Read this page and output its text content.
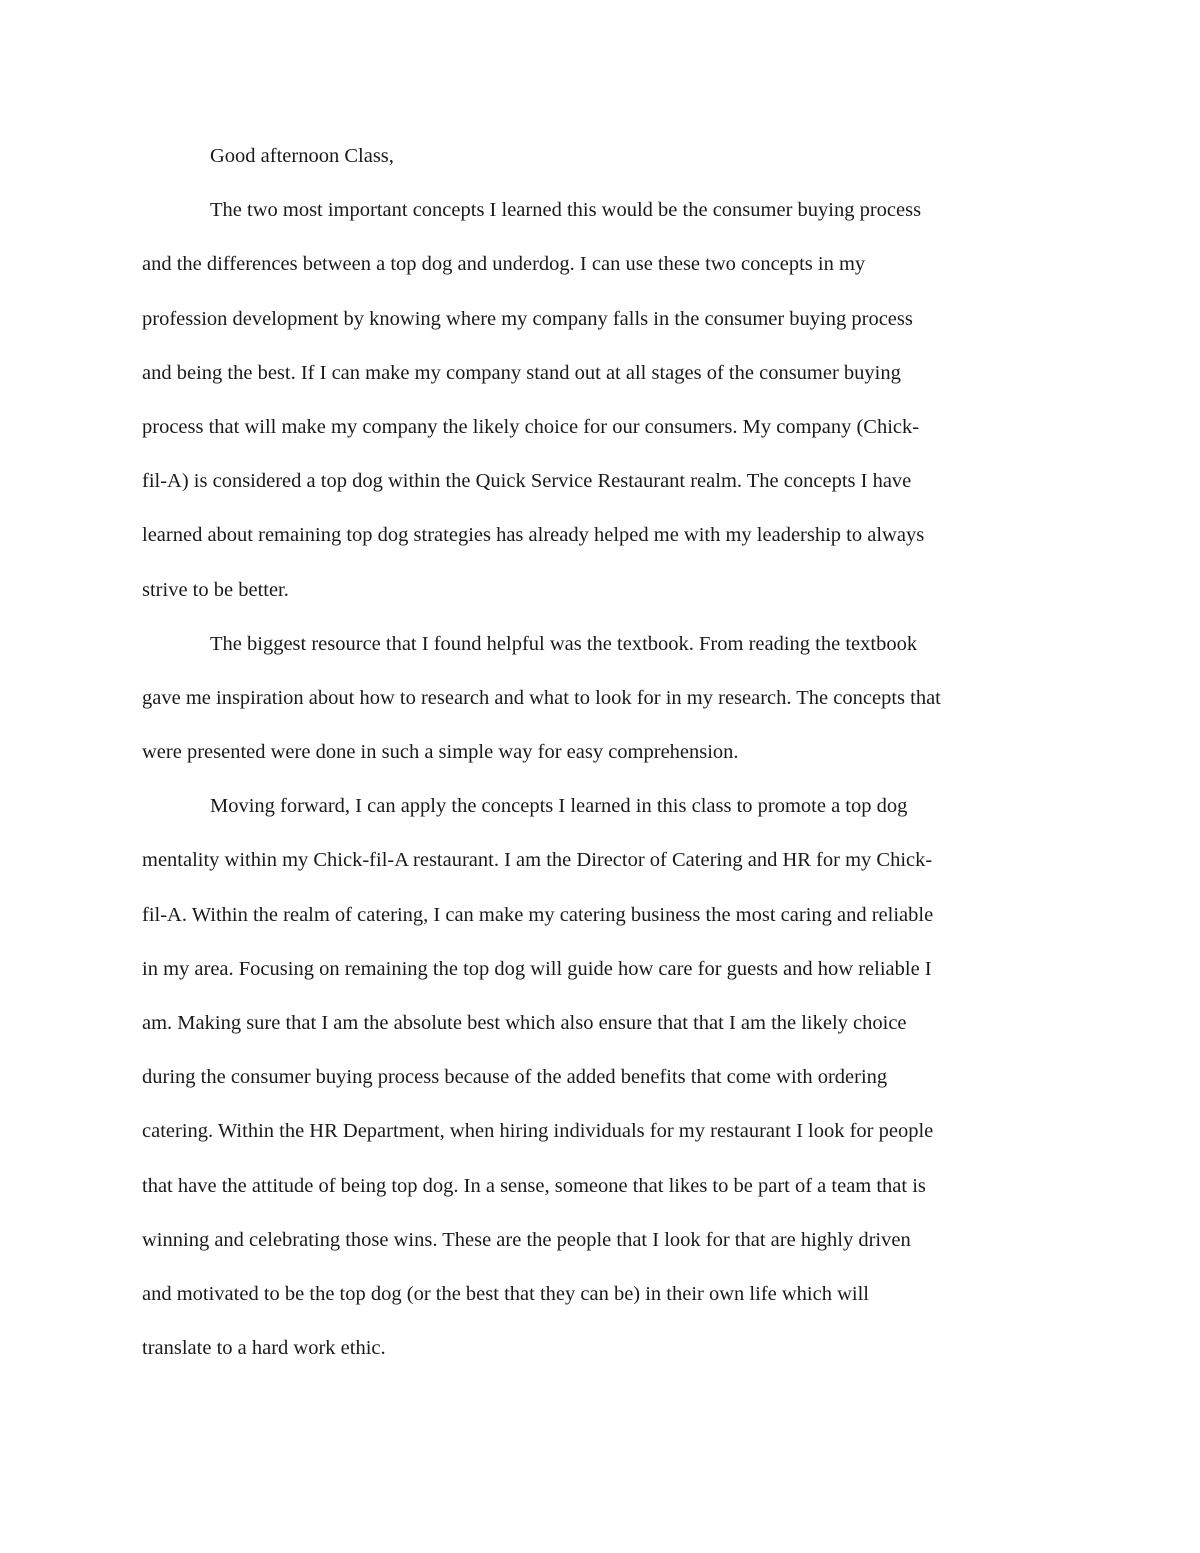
Good afternoon Class,
The two most important concepts I learned this would be the consumer buying process
and the differences between a top dog and underdog. I can use these two concepts in my
profession development by knowing where my company falls in the consumer buying process
and being the best. If I can make my company stand out at all stages of the consumer buying
process that will make my company the likely choice for our consumers. My company (Chick-
fil-A) is considered a top dog within the Quick Service Restaurant realm. The concepts I have
learned about remaining top dog strategies has already helped me with my leadership to always
strive to be better.
The biggest resource that I found helpful was the textbook. From reading the textbook
gave me inspiration about how to research and what to look for in my research. The concepts that
were presented were done in such a simple way for easy comprehension.
Moving forward, I can apply the concepts I learned in this class to promote a top dog
mentality within my Chick-fil-A restaurant. I am the Director of Catering and HR for my Chick-
fil-A. Within the realm of catering, I can make my catering business the most caring and reliable
in my area. Focusing on remaining the top dog will guide how care for guests and how reliable I
am. Making sure that I am the absolute best which also ensure that that I am the likely choice
during the consumer buying process because of the added benefits that come with ordering
catering. Within the HR Department, when hiring individuals for my restaurant I look for people
that have the attitude of being top dog. In a sense, someone that likes to be part of a team that is
winning and celebrating those wins. These are the people that I look for that are highly driven
and motivated to be the top dog (or the best that they can be) in their own life which will
translate to a hard work ethic.
